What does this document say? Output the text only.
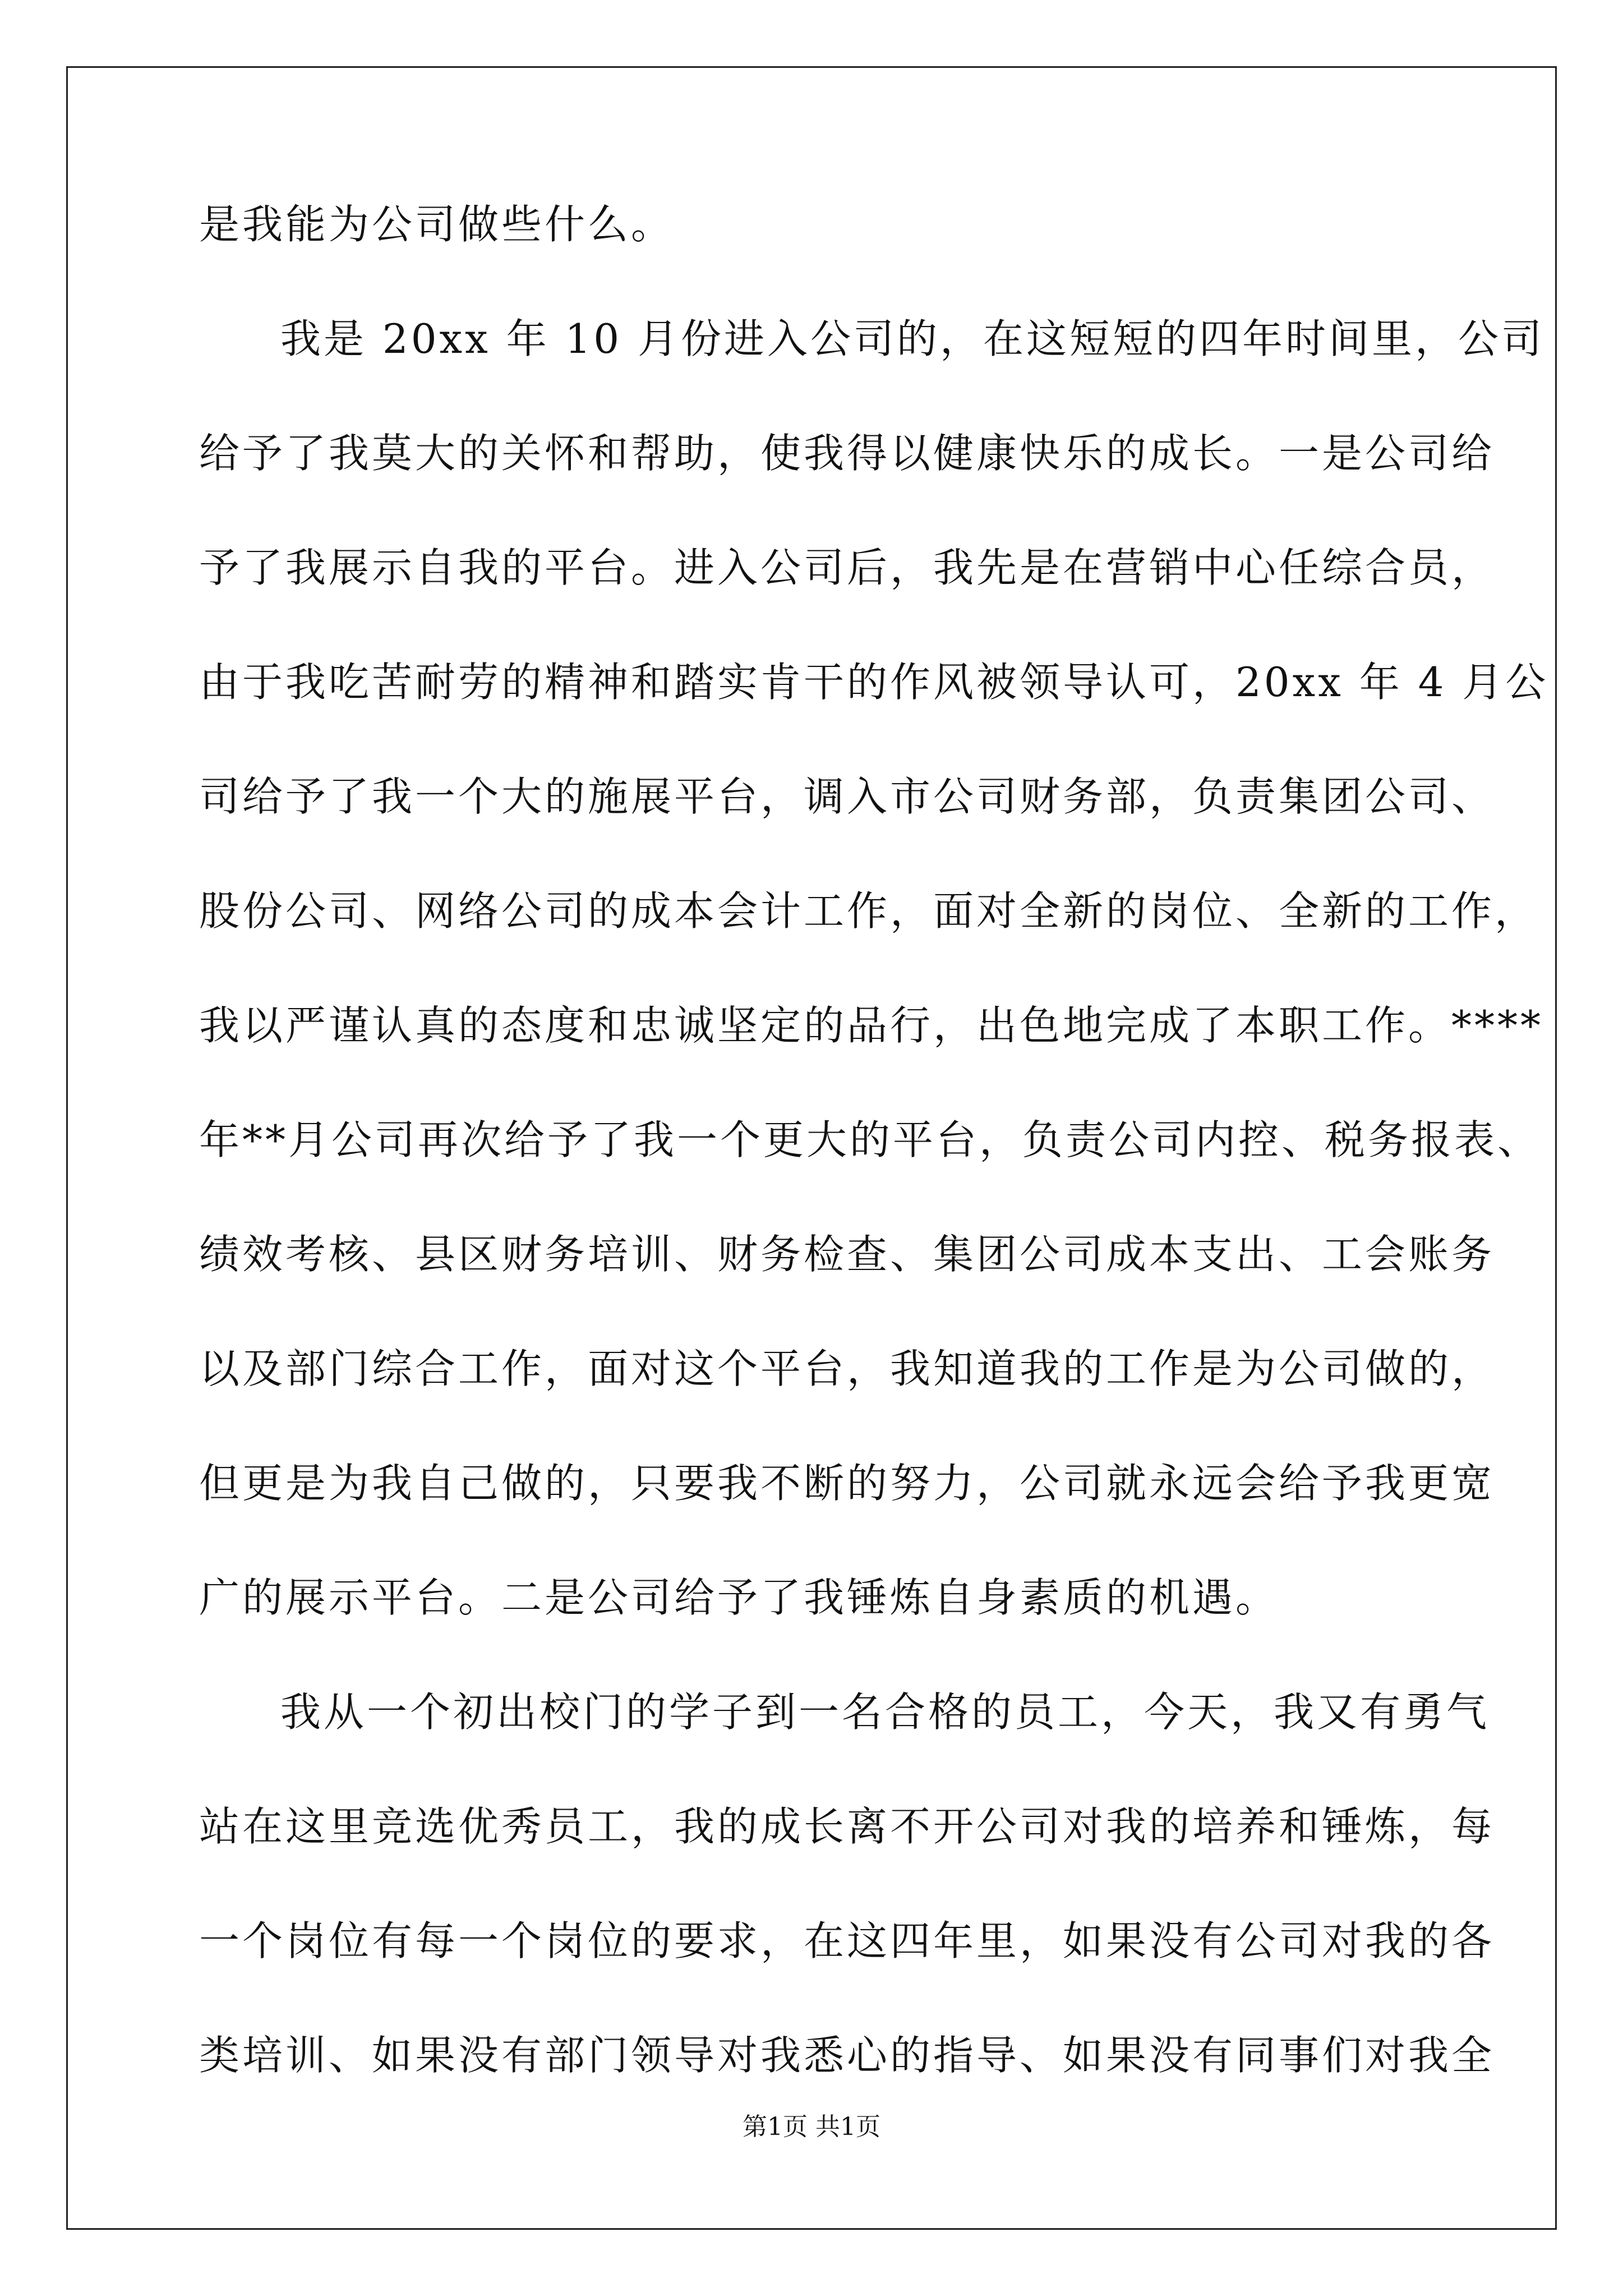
是我能为公司做些什么。
我是 20xx 年 10 月份进入公司的，在这短短的四年时间里，公司
给予了我莫大的关怀和帮助，使我得以健康快乐的成长。一是公司给
予了我展示自我的平台。进入公司后，我先是在营销中心任综合员，
由于我吃苦耐劳的精神和踏实肯干的作风被领导认可，20xx 年 4 月公
司给予了我一个大的施展平台，调入市公司财务部，负责集团公司、
股份公司、网络公司的成本会计工作，面对全新的岗位、全新的工作，
我以严谨认真的态度和忠诚坚定的品行，出色地完成了本职工作。****
年**月公司再次给予了我一个更大的平台，负责公司内控、税务报表、
绩效考核、县区财务培训、财务检查、集团公司成本支出、工会账务
以及部门综合工作，面对这个平台，我知道我的工作是为公司做的，
但更是为我自己做的，只要我不断的努力，公司就永远会给予我更宽
广的展示平台。二是公司给予了我锤炼自身素质的机遇。
我从一个初出校门的学子到一名合格的员工，今天，我又有勇气
站在这里竞选优秀员工，我的成长离不开公司对我的培养和锤炼，每
一个岗位有每一个岗位的要求，在这四年里，如果没有公司对我的各
类培训、如果没有部门领导对我悉心的指导、如果没有同事们对我全
第1页 共1页
